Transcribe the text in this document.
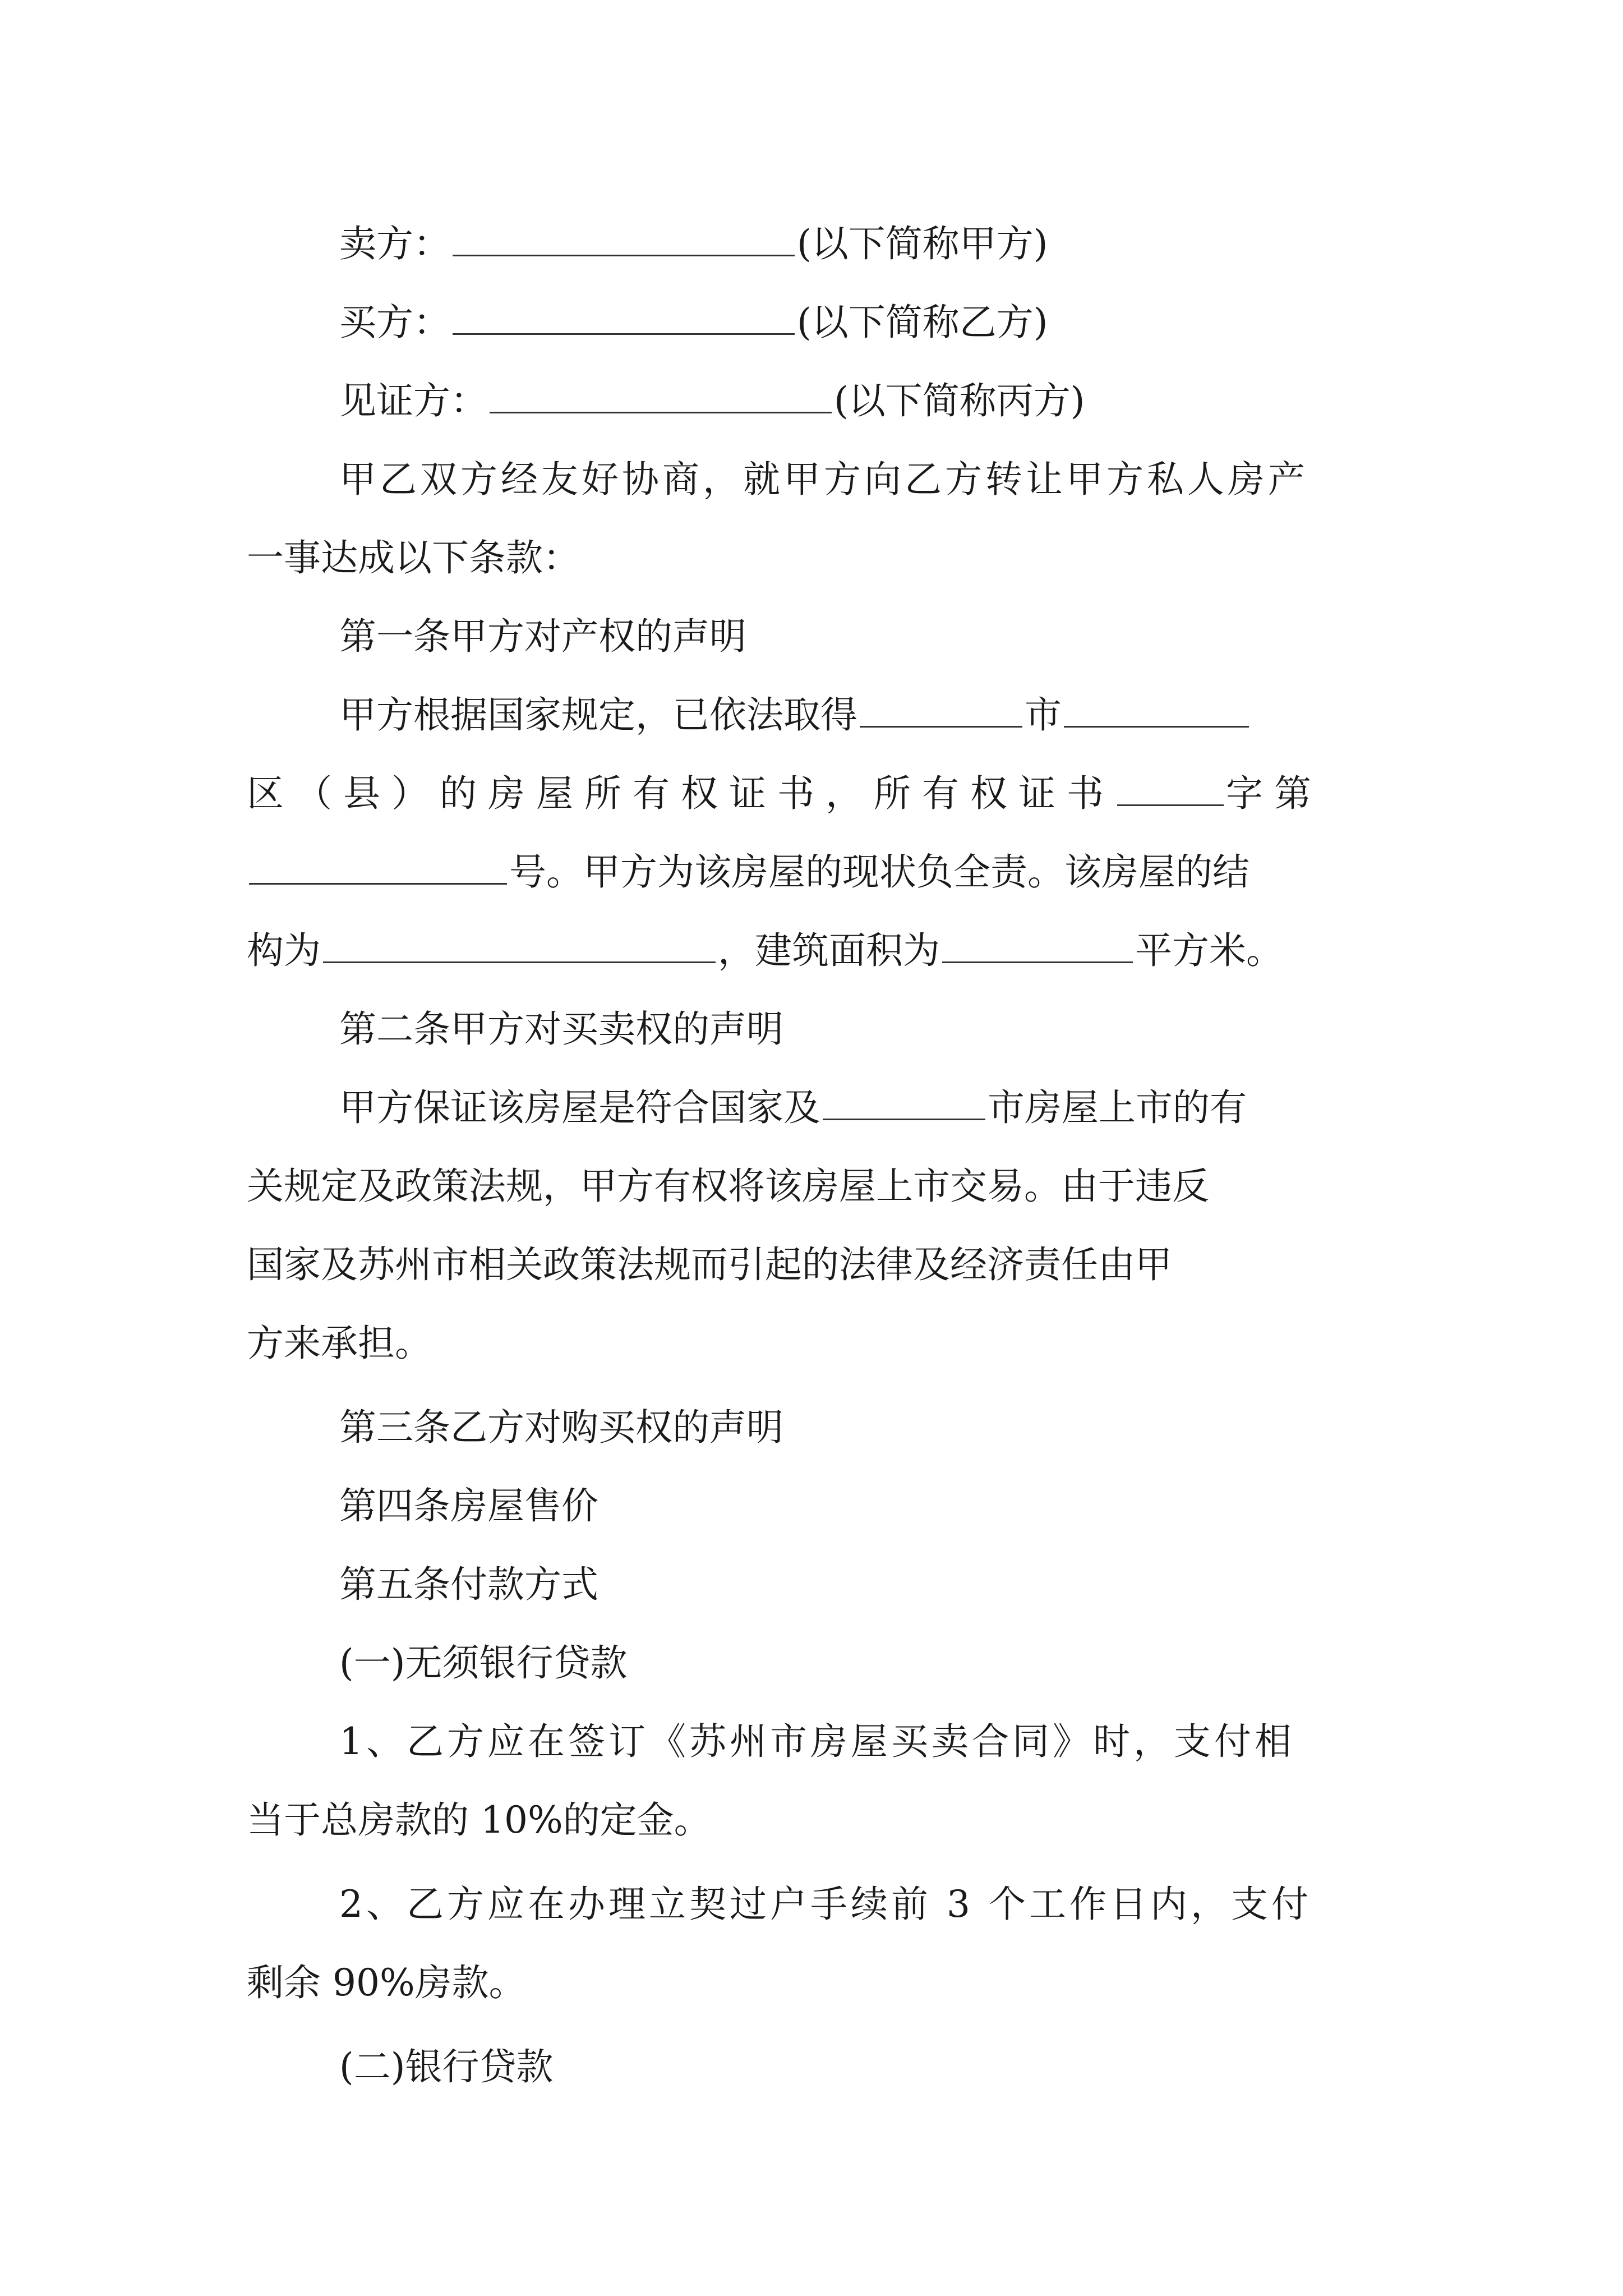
卖方：	(以下简称甲方)
买方：	(以下简称乙方)
见证方：	(以下简称丙方)
甲乙双方经友好协商，就甲方向乙方转让甲方私人房产
一事达成以下条款：
第一条甲方对产权的声明
甲方根据国家规定，已依法取得	市
区（县）的房屋所有权证书，所有权证书	字第
号。甲方为该房屋的现状负全责。该房屋的结
构为	，建筑面积为	平方米。
第二条甲方对买卖权的声明
甲方保证该房屋是符合国家及	市房屋上市的有
关规定及政策法规，甲方有权将该房屋上市交易。由于违反
国家及苏州市相关政策法规而引起的法律及经济责任由甲
方来承担。
第三条乙方对购买权的声明
第四条房屋售价
第五条付款方式
(一)无须银行贷款
1、乙方应在签订《苏州市房屋买卖合同》时，支付相
当于总房款的 10%的定金。
2、乙方应在办理立契过户手续前 3 个工作日内，支付
剩余 90%房款。
(二)银行贷款
